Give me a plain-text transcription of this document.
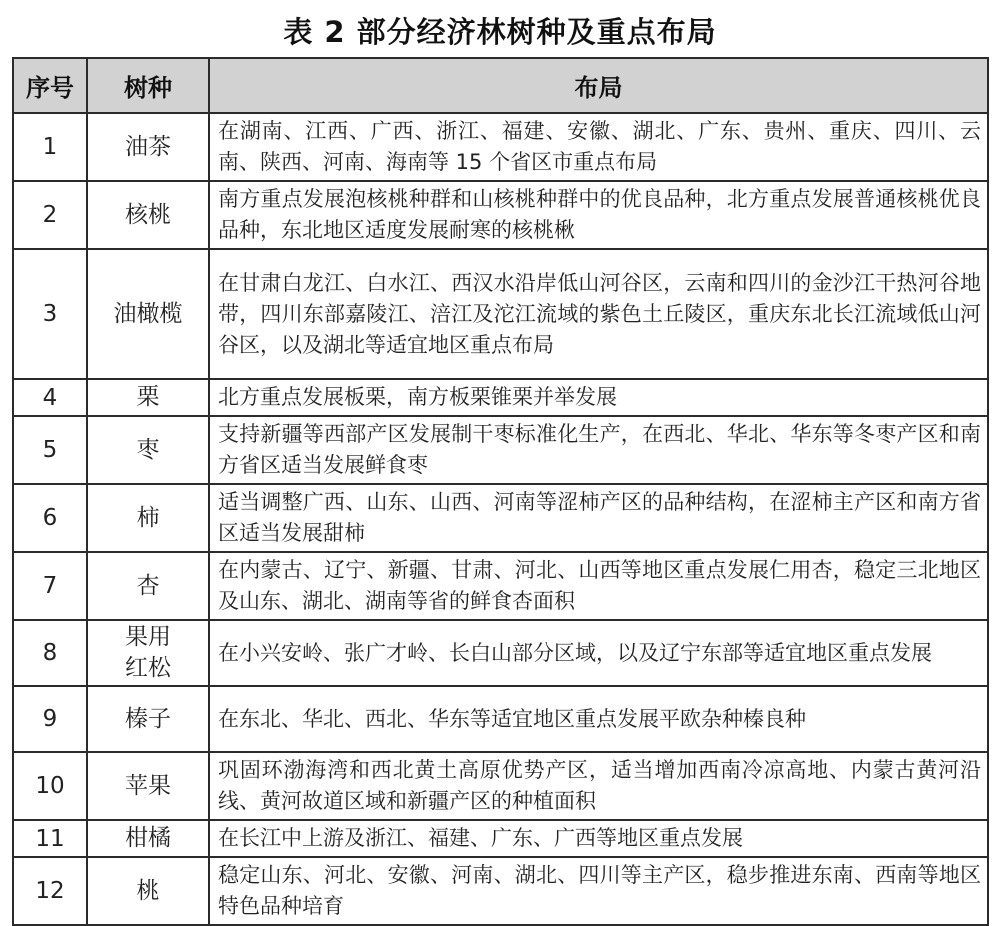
表 2 部分经济林树种及重点布局
序号	树种	布局
1	油茶	在湖南、江西、广西、浙江、福建、安徽、湖北、广东、贵州、重庆、四川、云南、陕西、河南、海南等 15 个省区市重点布局
2	核桃	南方重点发展泡核桃种群和山核桃种群中的优良品种，北方重点发展普通核桃优良品种，东北地区适度发展耐寒的核桃楸
3	油橄榄	在甘肃白龙江、白水江、西汉水沿岸低山河谷区，云南和四川的金沙江干热河谷地带，四川东部嘉陵江、涪江及沱江流域的紫色土丘陵区，重庆东北长江流域低山河谷区，以及湖北等适宜地区重点布局
4	栗	北方重点发展板栗，南方板栗锥栗并举发展
5	枣	支持新疆等西部产区发展制干枣标准化生产，在西北、华北、华东等冬枣产区和南方省区适当发展鲜食枣
6	柿	适当调整广西、山东、山西、河南等涩柿产区的品种结构，在涩柿主产区和南方省区适当发展甜柿
7	杏	在内蒙古、辽宁、新疆、甘肃、河北、山西等地区重点发展仁用杏，稳定三北地区及山东、湖北、湖南等省的鲜食杏面积
8	果用红松	在小兴安岭、张广才岭、长白山部分区域，以及辽宁东部等适宜地区重点发展
9	榛子	在东北、华北、西北、华东等适宜地区重点发展平欧杂种榛良种
10	苹果	巩固环渤海湾和西北黄土高原优势产区，适当增加西南冷凉高地、内蒙古黄河沿线、黄河故道区域和新疆产区的种植面积
11	柑橘	在长江中上游及浙江、福建、广东、广西等地区重点发展
12	桃	稳定山东、河北、安徽、河南、湖北、四川等主产区，稳步推进东南、西南等地区特色品种培育
